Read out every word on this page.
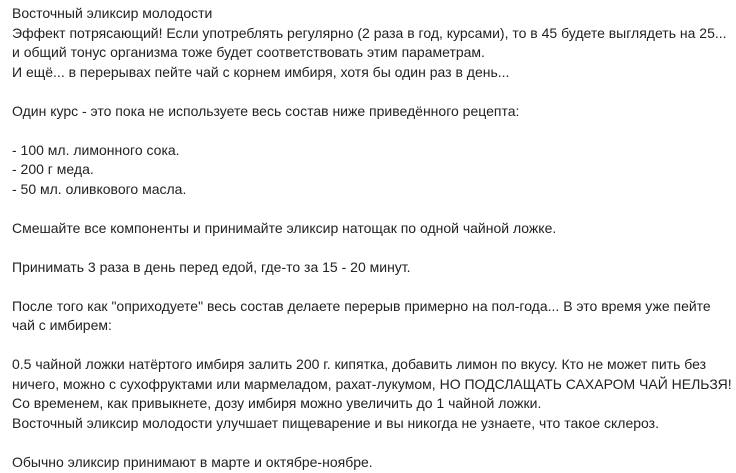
Восточный эликсир молодости

Эффект потрясающий! Если употреблять регулярно (2 раза в год, курсами), то в 45 будете выглядеть на 25... и общий тонус организма тоже будет соответствовать этим параметрам.

И ещё... в перерывах пейте чай с корнем имбиря, хотя бы один раз в день...

Один курс - это пока не используете весь состав ниже приведённого рецепта:

- 100 мл. лимонного сока.

- 200 г меда.

- 50 мл. оливкового масла.

Смешайте все компоненты и принимайте эликсир натощак по одной чайной ложке.

Принимать 3 раза в день перед едой, где-то за 15 - 20 минут.

После того как "оприходуете" весь состав делаете перерыв примерно на пол-года... В это время уже пейте чай с имбирем:

0.5 чайной ложки натёртого имбиря залить 200 г. кипятка, добавить лимон по вкусу. Кто не может пить без ничего, можно с сухофруктами или мармеладом, рахат-лукумом, НО ПОДСЛАЩАТЬ САХАРОМ ЧАЙ НЕЛЬЗЯ! Со временем, как привыкнете, дозу имбиря можно увеличить до 1 чайной ложки.

Восточный эликсир молодости улучшает пищеварение и вы никогда не узнаете, что такое склероз.

Обычно эликсир принимают в марте и октябре-ноябре.
